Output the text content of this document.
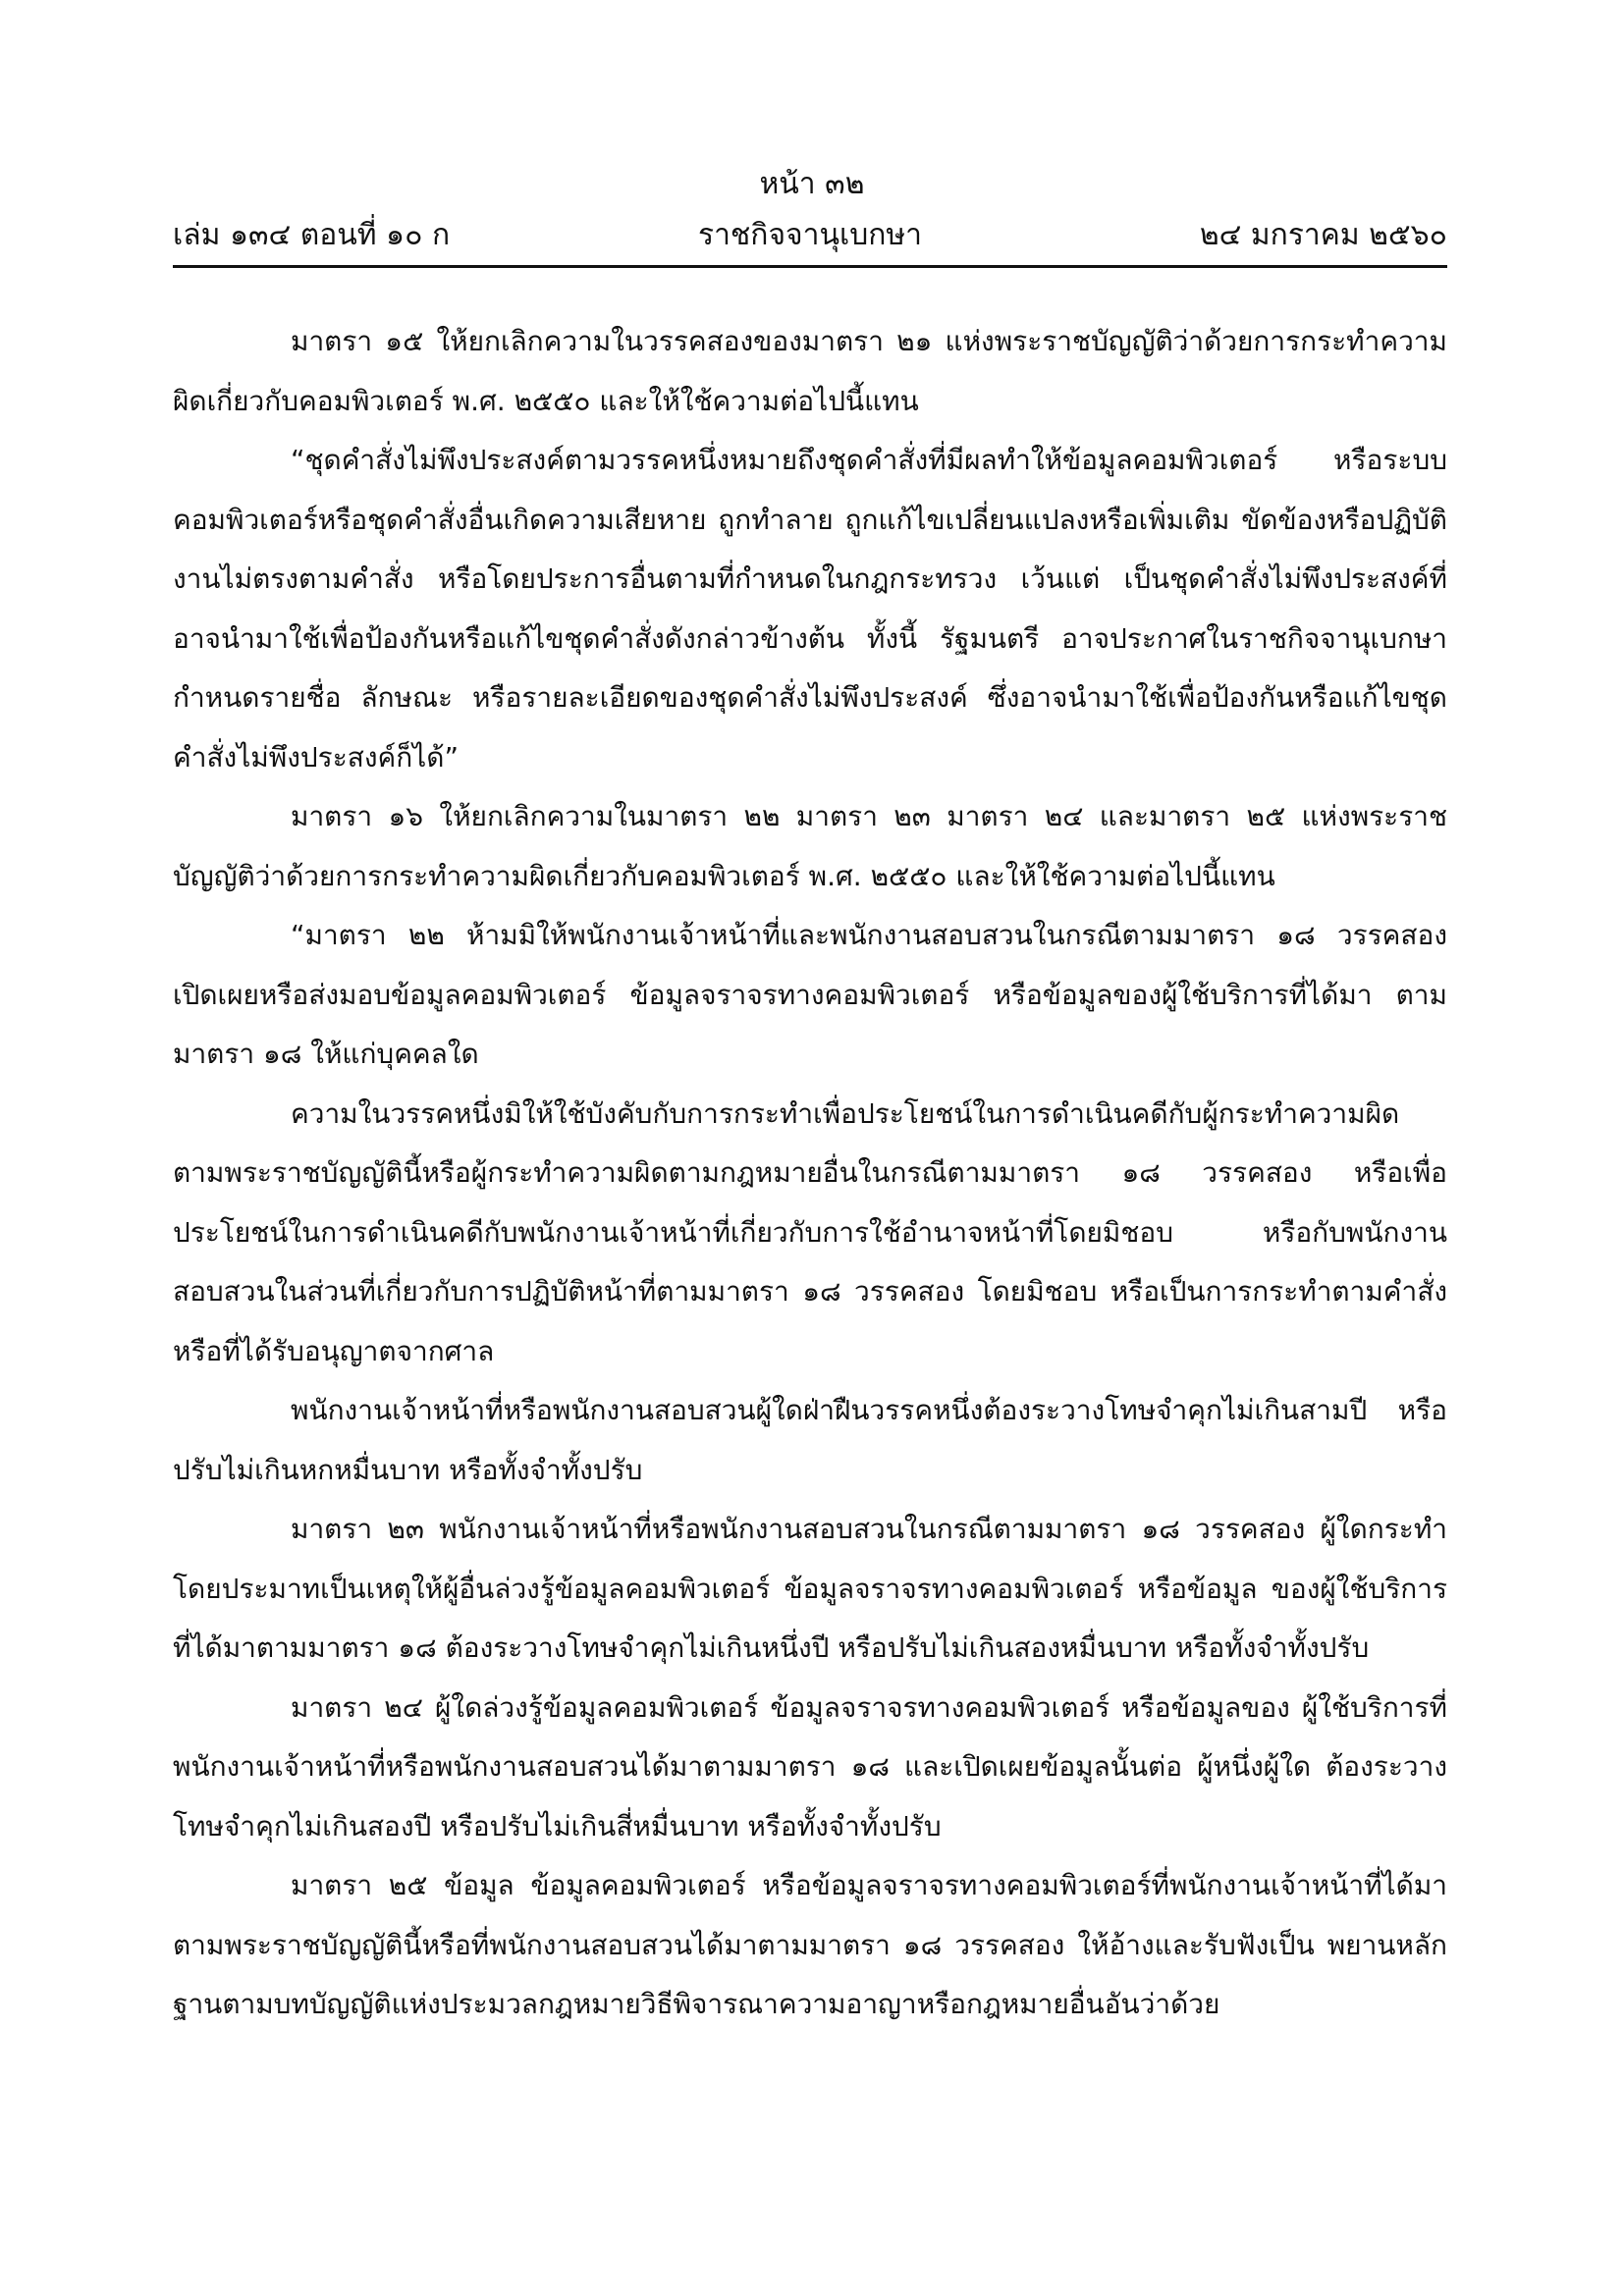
หน้า ๓๒
เล่ม ๑๓๔ ตอนที่ ๑๐ ก	ราชกิจจานุเบกษา	๒๔ มกราคม ๒๕๖๐

มาตรา ๑๕ ให้ยกเลิกความในวรรคสองของมาตรา ๒๑ แห่งพระราชบัญญัติว่าด้วยการกระทำความผิดเกี่ยวกับคอมพิวเตอร์ พ.ศ. ๒๕๕๐ และให้ใช้ความต่อไปนี้แทน

“ชุดคำสั่งไม่พึงประสงค์ตามวรรคหนึ่งหมายถึงชุดคำสั่งที่มีผลทำให้ข้อมูลคอมพิวเตอร์ หรือระบบคอมพิวเตอร์หรือชุดคำสั่งอื่นเกิดความเสียหาย ถูกทำลาย ถูกแก้ไขเปลี่ยนแปลงหรือเพิ่มเติม ขัดข้องหรือปฏิบัติงานไม่ตรงตามคำสั่ง หรือโดยประการอื่นตามที่กำหนดในกฎกระทรวง เว้นแต่ เป็นชุดคำสั่งไม่พึงประสงค์ที่อาจนำมาใช้เพื่อป้องกันหรือแก้ไขชุดคำสั่งดังกล่าวข้างต้น ทั้งนี้ รัฐมนตรี อาจประกาศในราชกิจจานุเบกษากำหนดรายชื่อ ลักษณะ หรือรายละเอียดของชุดคำสั่งไม่พึงประสงค์ ซึ่งอาจนำมาใช้เพื่อป้องกันหรือแก้ไขชุดคำสั่งไม่พึงประสงค์ก็ได้”

มาตรา ๑๖ ให้ยกเลิกความในมาตรา ๒๒ มาตรา ๒๓ มาตรา ๒๔ และมาตรา ๒๕ แห่งพระราชบัญญัติว่าด้วยการกระทำความผิดเกี่ยวกับคอมพิวเตอร์ พ.ศ. ๒๕๕๐ และให้ใช้ความต่อไปนี้แทน

“มาตรา ๒๒ ห้ามมิให้พนักงานเจ้าหน้าที่และพนักงานสอบสวนในกรณีตามมาตรา ๑๘ วรรคสอง เปิดเผยหรือส่งมอบข้อมูลคอมพิวเตอร์ ข้อมูลจราจรทางคอมพิวเตอร์ หรือข้อมูลของผู้ใช้บริการที่ได้มา ตามมาตรา ๑๘ ให้แก่บุคคลใด

ความในวรรคหนึ่งมิให้ใช้บังคับกับการกระทำเพื่อประโยชน์ในการดำเนินคดีกับผู้กระทำความผิด ตามพระราชบัญญัตินี้หรือผู้กระทำความผิดตามกฎหมายอื่นในกรณีตามมาตรา ๑๘ วรรคสอง หรือเพื่อประโยชน์ในการดำเนินคดีกับพนักงานเจ้าหน้าที่เกี่ยวกับการใช้อำนาจหน้าที่โดยมิชอบ หรือกับพนักงานสอบสวนในส่วนที่เกี่ยวกับการปฏิบัติหน้าที่ตามมาตรา ๑๘ วรรคสอง โดยมิชอบ หรือเป็นการกระทำตามคำสั่งหรือที่ได้รับอนุญาตจากศาล

พนักงานเจ้าหน้าที่หรือพนักงานสอบสวนผู้ใดฝ่าฝืนวรรคหนึ่งต้องระวางโทษจำคุกไม่เกินสามปี หรือปรับไม่เกินหกหมื่นบาท หรือทั้งจำทั้งปรับ

มาตรา ๒๓ พนักงานเจ้าหน้าที่หรือพนักงานสอบสวนในกรณีตามมาตรา ๑๘ วรรคสอง ผู้ใดกระทำโดยประมาทเป็นเหตุให้ผู้อื่นล่วงรู้ข้อมูลคอมพิวเตอร์ ข้อมูลจราจรทางคอมพิวเตอร์ หรือข้อมูล ของผู้ใช้บริการ ที่ได้มาตามมาตรา ๑๘ ต้องระวางโทษจำคุกไม่เกินหนึ่งปี หรือปรับไม่เกินสองหมื่นบาท หรือทั้งจำทั้งปรับ

มาตรา ๒๔ ผู้ใดล่วงรู้ข้อมูลคอมพิวเตอร์ ข้อมูลจราจรทางคอมพิวเตอร์ หรือข้อมูลของ ผู้ใช้บริการที่พนักงานเจ้าหน้าที่หรือพนักงานสอบสวนได้มาตามมาตรา ๑๘ และเปิดเผยข้อมูลนั้นต่อ ผู้หนึ่งผู้ใด ต้องระวางโทษจำคุกไม่เกินสองปี หรือปรับไม่เกินสี่หมื่นบาท หรือทั้งจำทั้งปรับ

มาตรา ๒๕ ข้อมูล ข้อมูลคอมพิวเตอร์ หรือข้อมูลจราจรทางคอมพิวเตอร์ที่พนักงานเจ้าหน้าที่ได้มา ตามพระราชบัญญัตินี้หรือที่พนักงานสอบสวนได้มาตามมาตรา ๑๘ วรรคสอง ให้อ้างและรับฟังเป็น พยานหลักฐานตามบทบัญญัติแห่งประมวลกฎหมายวิธีพิจารณาความอาญาหรือกฎหมายอื่นอันว่าด้วย
